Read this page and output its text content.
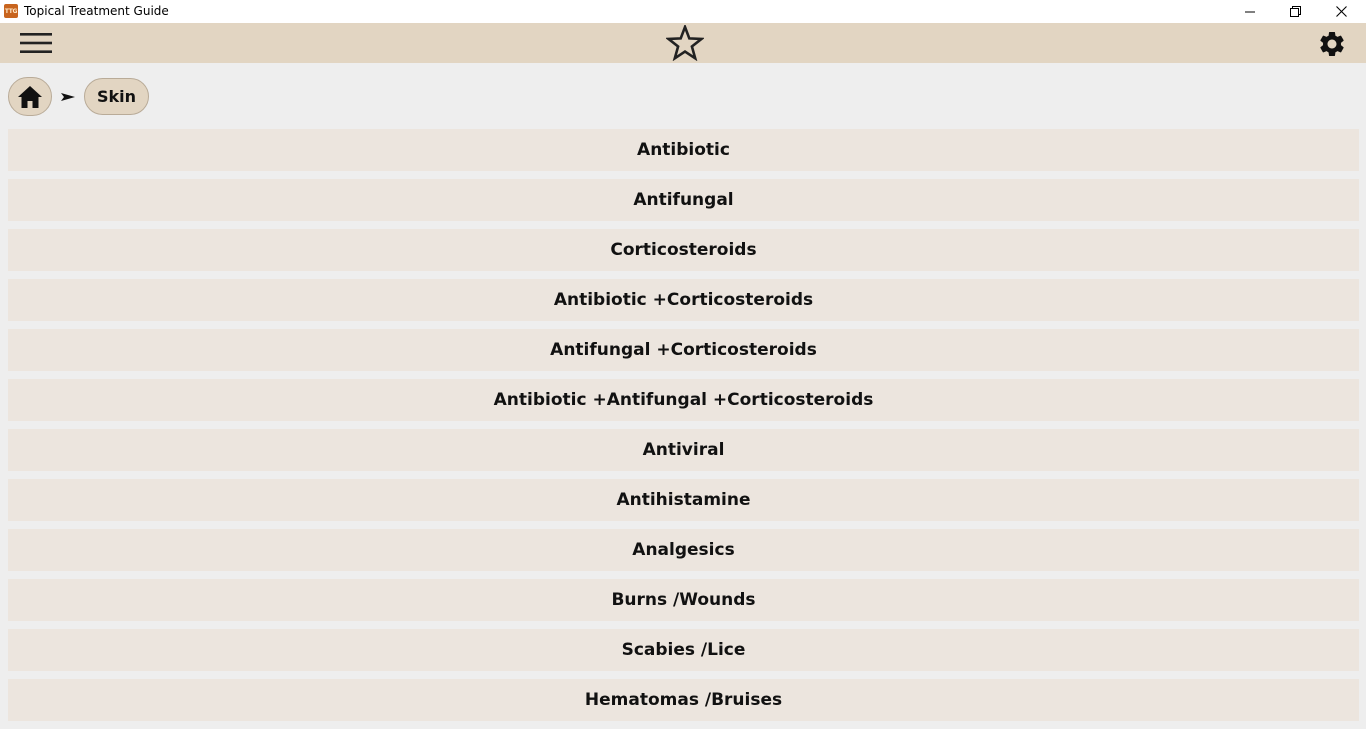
TTG Topical Treatment Guide
Skin
Antibiotic
Antifungal
Corticosteroids
Antibiotic +Corticosteroids
Antifungal +Corticosteroids
Antibiotic +Antifungal +Corticosteroids
Antiviral
Antihistamine
Analgesics
Burns /Wounds
Scabies /Lice
Hematomas /Bruises
